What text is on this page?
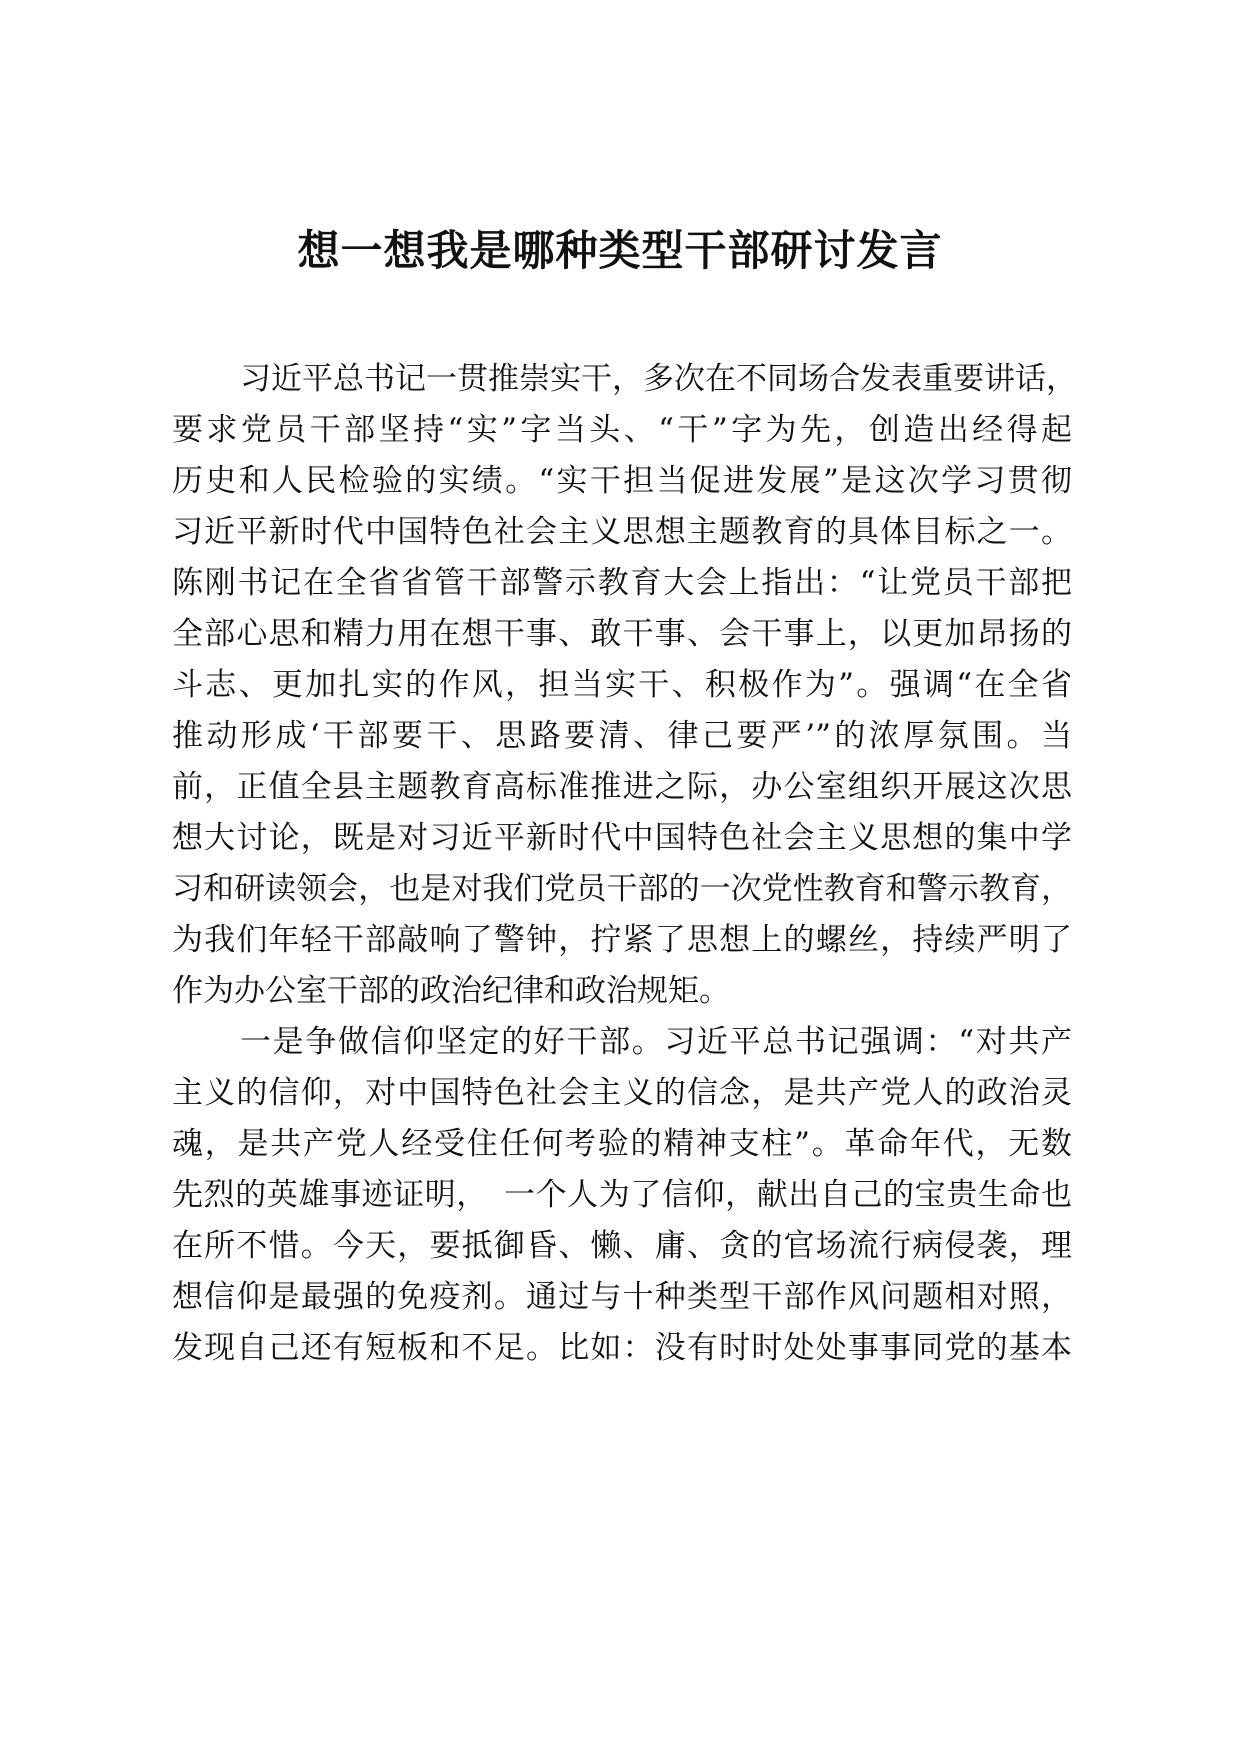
想一想我是哪种类型干部研讨发言
习近平总书记一贯推崇实干，多次在不同场合发表重要讲话，
要求党员干部坚持“实”字当头、“干”字为先，创造出经得起
历史和人民检验的实绩。“实干担当促进发展”是这次学习贯彻
习近平新时代中国特色社会主义思想主题教育的具体目标之一。
陈刚书记在全省省管干部警示教育大会上指出：“让党员干部把
全部心思和精力用在想干事、敢干事、会干事上，以更加昂扬的
斗志、更加扎实的作风，担当实干、积极作为”。强调“在全省
推动形成‘干部要干、思路要清、律己要严’”的浓厚氛围。当
前，正值全县主题教育高标准推进之际，办公室组织开展这次思
想大讨论，既是对习近平新时代中国特色社会主义思想的集中学
习和研读领会，也是对我们党员干部的一次党性教育和警示教育，
为我们年轻干部敲响了警钟，拧紧了思想上的螺丝，持续严明了
作为办公室干部的政治纪律和政治规矩。
一是争做信仰坚定的好干部。习近平总书记强调：“对共产
主义的信仰，对中国特色社会主义的信念，是共产党人的政治灵
魂，是共产党人经受住任何考验的精神支柱”。革命年代，无数
先烈的英雄事迹证明，　一个人为了信仰，献出自己的宝贵生命也
在所不惜。今天，要抵御昏、懒、庸、贪的官场流行病侵袭，理
想信仰是最强的免疫剂。通过与十种类型干部作风问题相对照，
发现自己还有短板和不足。比如：没有时时处处事事同党的基本
